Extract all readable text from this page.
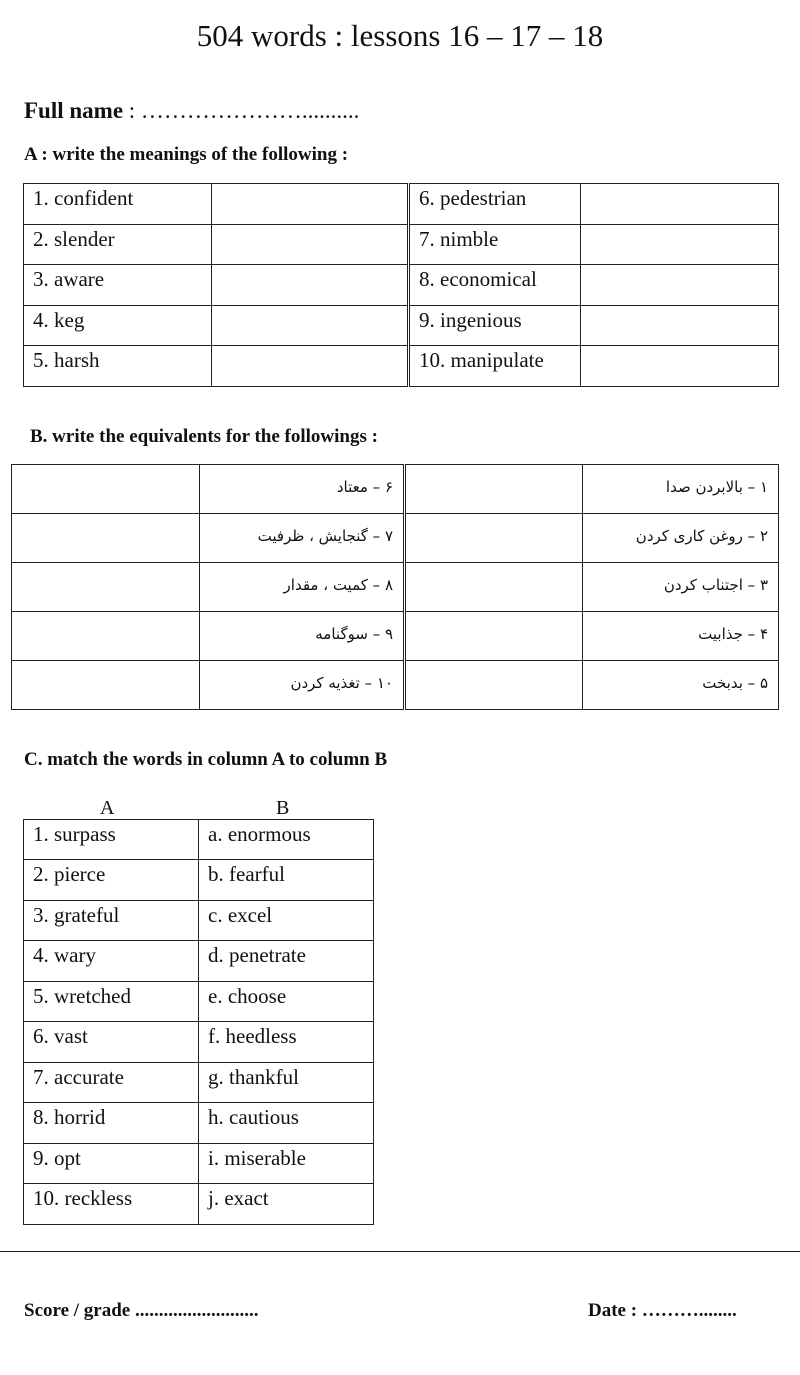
504 words : lessons 16 – 17 – 18
Full name : …………………..........
A : write the meanings of the following :
1. confident		6. pedestrian	
2. slender		7. nimble	
3. aware		8. economical	
4. keg		9. ingenious	
5. harsh		10. manipulate	
B. write the equivalents for the followings :
	۶ – معتاد		۱ – بالابردن صدا
	۷ – گنجایش ، ظرفیت		۲ – روغن کاری کردن
	۸ – کمیت ، مقدار		۳ – اجتناب کردن
	۹ – سوگنامه		۴ – جذابیت
	۱۰ – تغذیه کردن		۵ – بدبخت
C. match the words in column A to column B
A	B
1. surpass	a. enormous
2. pierce	b. fearful
3. grateful	c. excel
4. wary	d. penetrate
5. wretched	e. choose
6. vast	f. heedless
7. accurate	g. thankful
8. horrid	h. cautious
9. opt	i. miserable
10. reckless	j. exact
Score / grade ..........................	Date : ………........
